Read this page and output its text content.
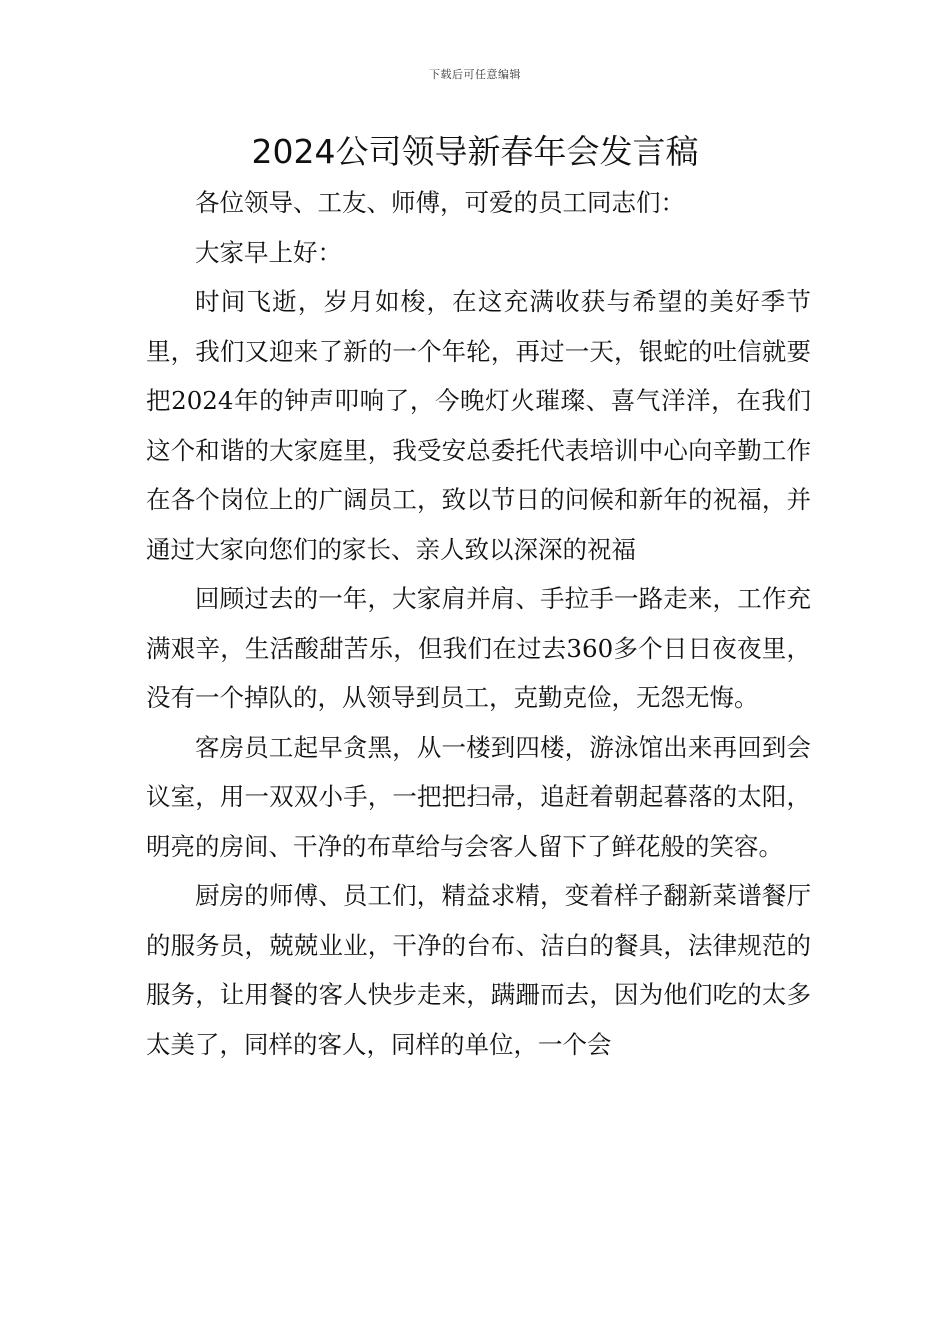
下载后可任意编辑
2024公司领导新春年会发言稿

各位领导、工友、师傅，可爱的员工同志们：

大家早上好：

时间飞逝，岁月如梭，在这充满收获与希望的美好季节里，我们又迎来了新的一个年轮，再过一天，银蛇的吐信就要把2024年的钟声叩响了，今晚灯火璀璨、喜气洋洋，在我们这个和谐的大家庭里，我受安总委托代表培训中心向辛勤工作在各个岗位上的广阔员工，致以节日的问候和新年的祝福，并通过大家向您们的家长、亲人致以深深的祝福

回顾过去的一年，大家肩并肩、手拉手一路走来，工作充满艰辛，生活酸甜苦乐，但我们在过去360多个日日夜夜里，没有一个掉队的，从领导到员工，克勤克俭，无怨无悔。

客房员工起早贪黑，从一楼到四楼，游泳馆出来再回到会议室，用一双双小手，一把把扫帚，追赶着朝起暮落的太阳，明亮的房间、干净的布草给与会客人留下了鲜花般的笑容。

厨房的师傅、员工们，精益求精，变着样子翻新菜谱餐厅的服务员，兢兢业业，干净的台布、洁白的餐具，法律规范的服务，让用餐的客人快步走来，蹒跚而去，因为他们吃的太多太美了，同样的客人，同样的单位，一个会
